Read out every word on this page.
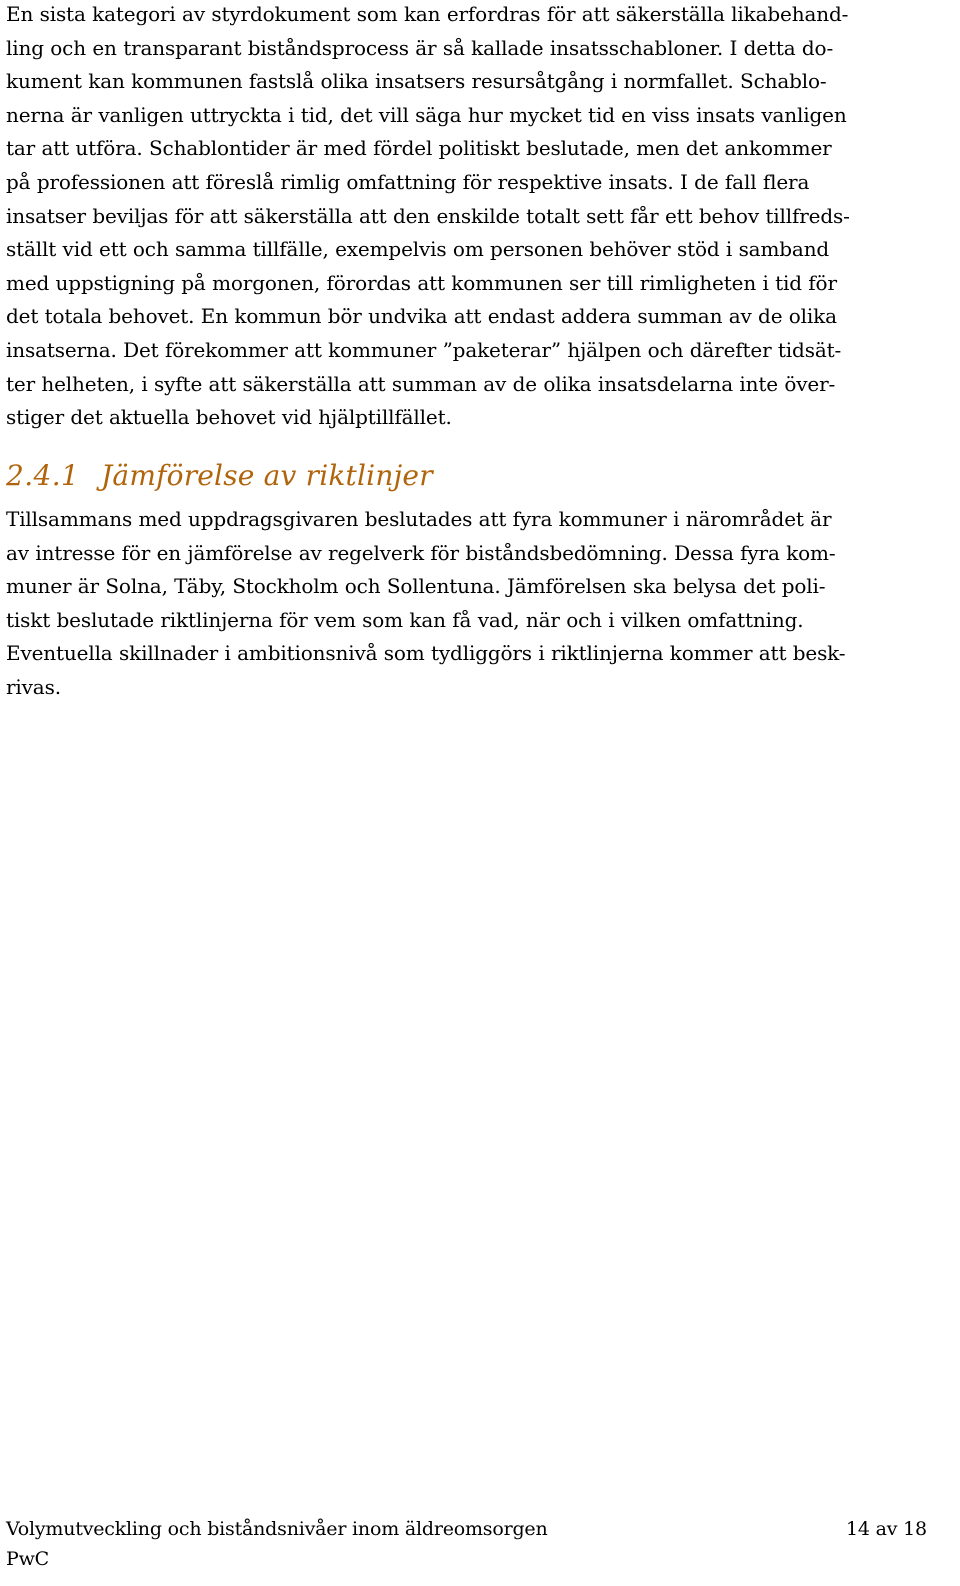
En sista kategori av styrdokument som kan erfordras för att säkerställa likabehand-
ling och en transparant biståndsprocess är så kallade insatsschabloner. I detta do-
kument kan kommunen fastslå olika insatsers resursåtgång i normfallet. Schablo-
nerna är vanligen uttryckta i tid, det vill säga hur mycket tid en viss insats vanligen
tar att utföra. Schablontider är med fördel politiskt beslutade, men det ankommer
på professionen att föreslå rimlig omfattning för respektive insats. I de fall flera
insatser beviljas för att säkerställa att den enskilde totalt sett får ett behov tillfreds-
ställt vid ett och samma tillfälle, exempelvis om personen behöver stöd i samband
med uppstigning på morgonen, förordas att kommunen ser till rimligheten i tid för
det totala behovet. En kommun bör undvika att endast addera summan av de olika
insatserna. Det förekommer att kommuner ”paketerar” hjälpen och därefter tidsät-
ter helheten, i syfte att säkerställa att summan av de olika insatsdelarna inte över-
stiger det aktuella behovet vid hjälptillfället.

2.4.1 Jämförelse av riktlinjer

Tillsammans med uppdragsgivaren beslutades att fyra kommuner i närområdet är
av intresse för en jämförelse av regelverk för biståndsbedömning. Dessa fyra kom-
muner är Solna, Täby, Stockholm och Sollentuna. Jämförelsen ska belysa det poli-
tiskt beslutade riktlinjerna för vem som kan få vad, när och i vilken omfattning.
Eventuella skillnader i ambitionsnivå som tydliggörs i riktlinjerna kommer att besk-
rivas.

Volymutveckling och biståndsnivåer inom äldreomsorgen	14 av 18
PwC
